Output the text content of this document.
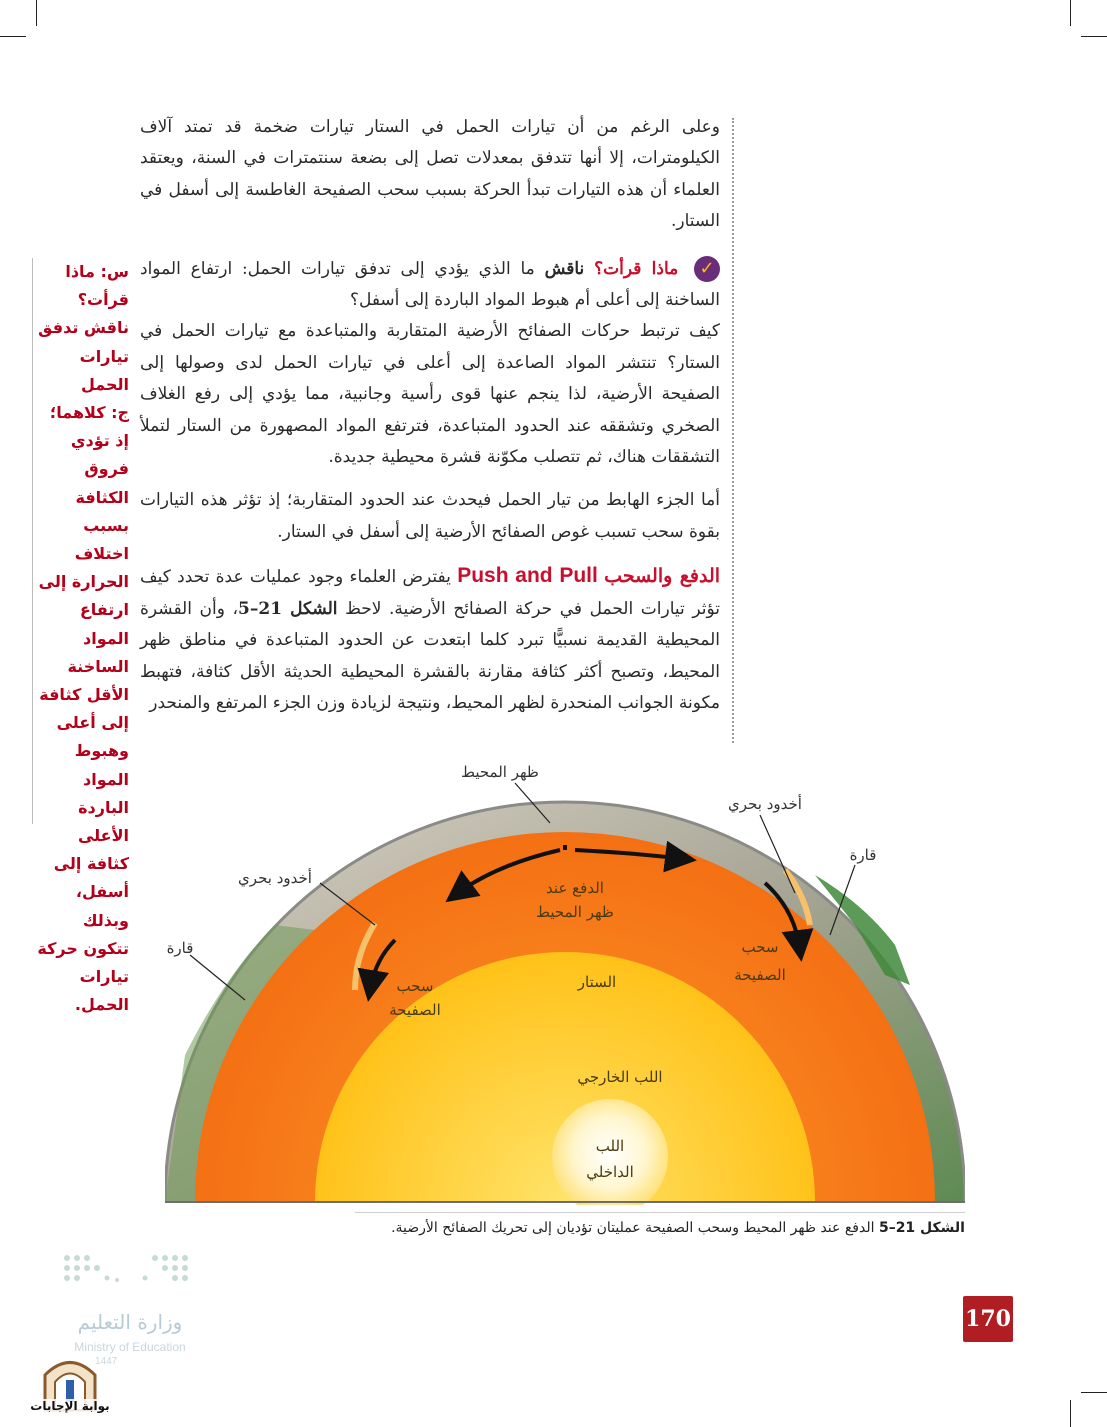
وعلى الرغم من أن تيارات الحمل في الستار تيارات ضخمة قد تمتد آلاف الكيلومترات، إلا أنها تتدفق بمعدلات تصل إلى بضعة سنتمترات في السنة، ويعتقد العلماء أن هذه التيارات تبدأ الحركة بسبب سحب الصفيحة الغاطسة إلى أسفل في الستار.

✓ ماذا قرأت؟ ناقش ما الذي يؤدي إلى تدفق تيارات الحمل: ارتفاع المواد الساخنة إلى أعلى أم هبوط المواد الباردة إلى أسفل؟

كيف ترتبط حركات الصفائح الأرضية المتقاربة والمتباعدة مع تيارات الحمل في الستار؟ تنتشر المواد الصاعدة إلى أعلى في تيارات الحمل لدى وصولها إلى الصفيحة الأرضية، لذا ينجم عنها قوى رأسية وجانبية، مما يؤدي إلى رفع الغلاف الصخري وتشققه عند الحدود المتباعدة، فترتفع المواد المصهورة من الستار لتملأ التشققات هناك، ثم تتصلب مكوّنة قشرة محيطية جديدة.

أما الجزء الهابط من تيار الحمل فيحدث عند الحدود المتقاربة؛ إذ تؤثر هذه التيارات بقوة سحب تسبب غوص الصفائح الأرضية إلى أسفل في الستار.

الدفع والسحب Push and Pull يفترض العلماء وجود عمليات عدة تحدد كيف تؤثر تيارات الحمل في حركة الصفائح الأرضية. لاحظ الشكل 21–5، وأن القشرة المحيطية القديمة نسبيًّا تبرد كلما ابتعدت عن الحدود المتباعدة في مناطق ظهر المحيط، وتصبح أكثر كثافة مقارنة بالقشرة المحيطية الحديثة الأقل كثافة، فتهبط مكونة الجوانب المنحدرة لظهر المحيط، ونتيجة لزيادة وزن الجزء المرتفع والمنحدر

س: ماذا قرأت؟ ناقش تدفق تيارات الحمل

ج: كلاهما؛ إذ تؤدي فروق الكثافة بسبب اختلاف الحرارة إلى ارتفاع المواد الساخنة الأقل كثافة إلى أعلى وهبوط المواد الباردة الأعلى كثافة إلى أسفل، وبذلك تتكون حركة تيارات الحمل.

ظهر المحيط
أخدود بحري
قارة
أخدود بحري
قارة
الدفع عند
ظهر المحيط
سحب
الصفيحة
سحب
الصفيحة
الستار
اللب الخارجي
اللب
الداخلي
الشكل 21–5 الدفع عند ظهر المحيط وسحب الصفيحة عمليتان تؤديان إلى تحريك الصفائح الأرضية.
170
وزارة التعليم
Ministry of Education
1447
بوابة الإجابات
